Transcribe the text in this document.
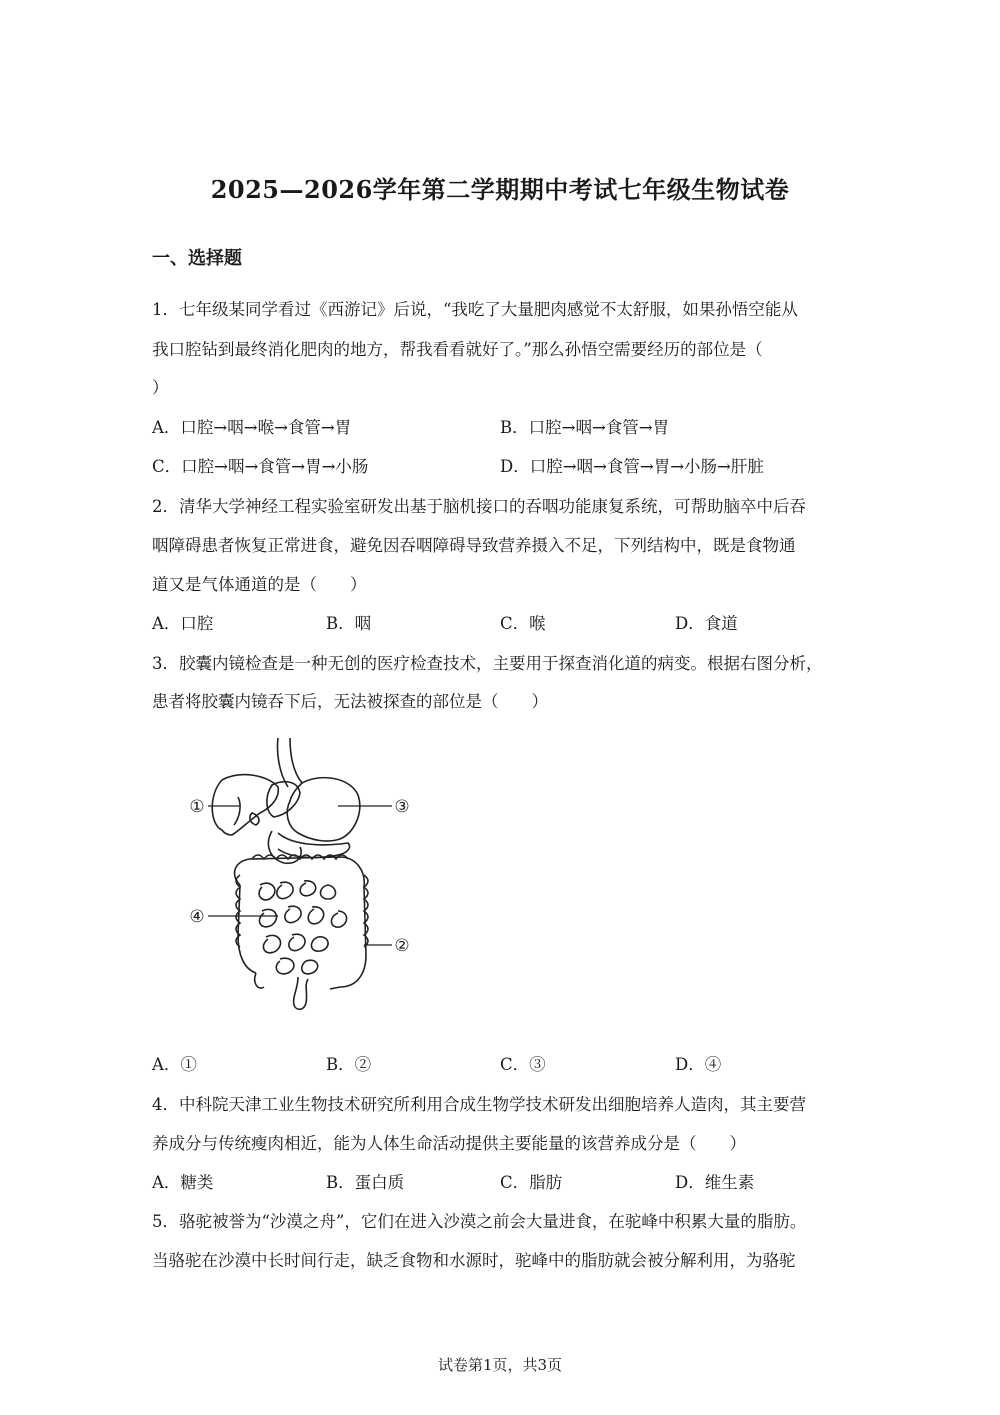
2025—2026学年第二学期期中考试七年级生物试卷
一、选择题
1．七年级某同学看过《西游记》后说，“我吃了大量肥肉感觉不太舒服，如果孙悟空能从
我口腔钻到最终消化肥肉的地方，帮我看看就好了。”那么孙悟空需要经历的部位是（
）
A．口腔→咽→喉→食管→胃	B．口腔→咽→食管→胃
C．口腔→咽→食管→胃→小肠	D．口腔→咽→食管→胃→小肠→肝脏
2．清华大学神经工程实验室研发出基于脑机接口的吞咽功能康复系统，可帮助脑卒中后吞
咽障碍患者恢复正常进食，避免因吞咽障碍导致营养摄入不足，下列结构中，既是食物通
道又是气体通道的是（　　）
A．口腔	B．咽	C．喉	D．食道
3．胶囊内镜检查是一种无创的医疗检查技术，主要用于探查消化道的病变。根据右图分析，
患者将胶囊内镜吞下后，无法被探查的部位是（　　）
①	③
④
②
A．①	B．②	C．③	D．④
4．中科院天津工业生物技术研究所利用合成生物学技术研发出细胞培养人造肉，其主要营
养成分与传统瘦肉相近，能为人体生命活动提供主要能量的该营养成分是（　　）
A．糖类	B．蛋白质	C．脂肪	D．维生素
5．骆驼被誉为“沙漠之舟”，它们在进入沙漠之前会大量进食，在驼峰中积累大量的脂肪。
当骆驼在沙漠中长时间行走，缺乏食物和水源时，驼峰中的脂肪就会被分解利用，为骆驼
试卷第1页，共3页
